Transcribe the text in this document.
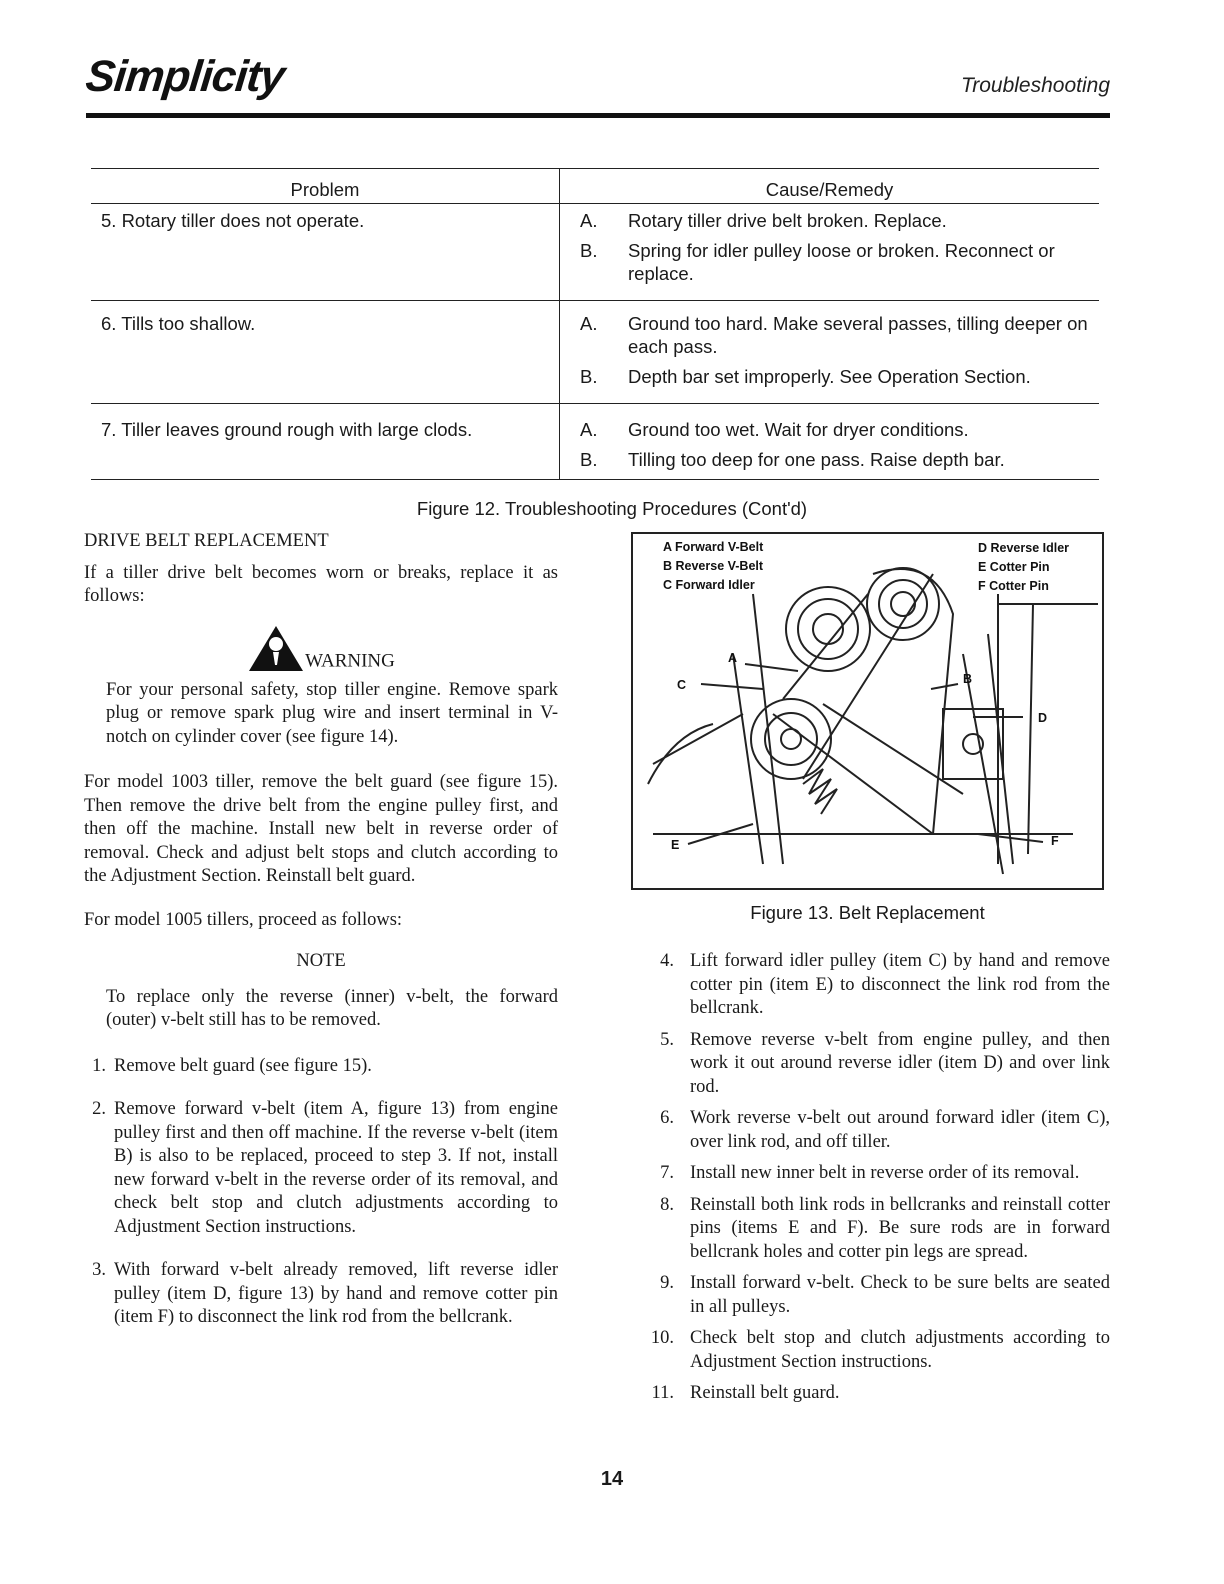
Simplicity	Troubleshooting
Problem	Cause/Remedy

5. Rotary tiller does not operate.	A. Rotary tiller drive belt broken. Replace.
B. Spring for idler pulley loose or broken. Reconnect or replace.

6. Tills too shallow.	A. Ground too hard. Make several passes, tilling deeper on each pass.
B. Depth bar set improperly. See Operation Section.

7. Tiller leaves ground rough with large clods.	A. Ground too wet. Wait for dryer conditions.
B. Tilling too deep for one pass. Raise depth bar.
Figure 12. Troubleshooting Procedures (Cont'd)
DRIVE BELT REPLACEMENT

If a tiller drive belt becomes worn or breaks, replace it as follows:

WARNING

For your personal safety, stop tiller engine. Remove spark plug or remove spark plug wire and insert terminal in V-notch on cylinder cover (see figure 14).

For model 1003 tiller, remove the belt guard (see figure 15). Then remove the drive belt from the engine pulley first, and then off the machine. Install new belt in reverse order of removal. Check and adjust belt stops and clutch according to the Adjustment Section. Reinstall belt guard.

For model 1005 tillers, proceed as follows:

NOTE

To replace only the reverse (inner) v-belt, the forward (outer) v-belt still has to be removed.

1. Remove belt guard (see figure 15).
2. Remove forward v-belt (item A, figure 13) from engine pulley first and then off machine. If the reverse v-belt (item B) is also to be replaced, proceed to step 3. If not, install new forward v-belt in the reverse order of its removal, and check belt stop and clutch adjustments according to Adjustment Section instructions.
3. With forward v-belt already removed, lift reverse idler pulley (item D, figure 13) by hand and remove cotter pin (item F) to disconnect the link rod from the bellcrank.
A Forward V-Belt
B Reverse V-Belt
C Forward Idler
D Reverse Idler
E Cotter Pin
F Cotter Pin
A
B
C
D
E	F
Figure 13. Belt Replacement
4. Lift forward idler pulley (item C) by hand and remove cotter pin (item E) to disconnect the link rod from the bellcrank.
5. Remove reverse v-belt from engine pulley, and then work it out around reverse idler (item D) and over link rod.
6. Work reverse v-belt out around forward idler (item C), over link rod, and off tiller.
7. Install new inner belt in reverse order of its removal.
8. Reinstall both link rods in bellcranks and reinstall cotter pins (items E and F). Be sure rods are in forward bellcrank holes and cotter pin legs are spread.
9. Install forward v-belt. Check to be sure belts are seated in all pulleys.
10. Check belt stop and clutch adjustments according to Adjustment Section instructions.
11. Reinstall belt guard.
14
